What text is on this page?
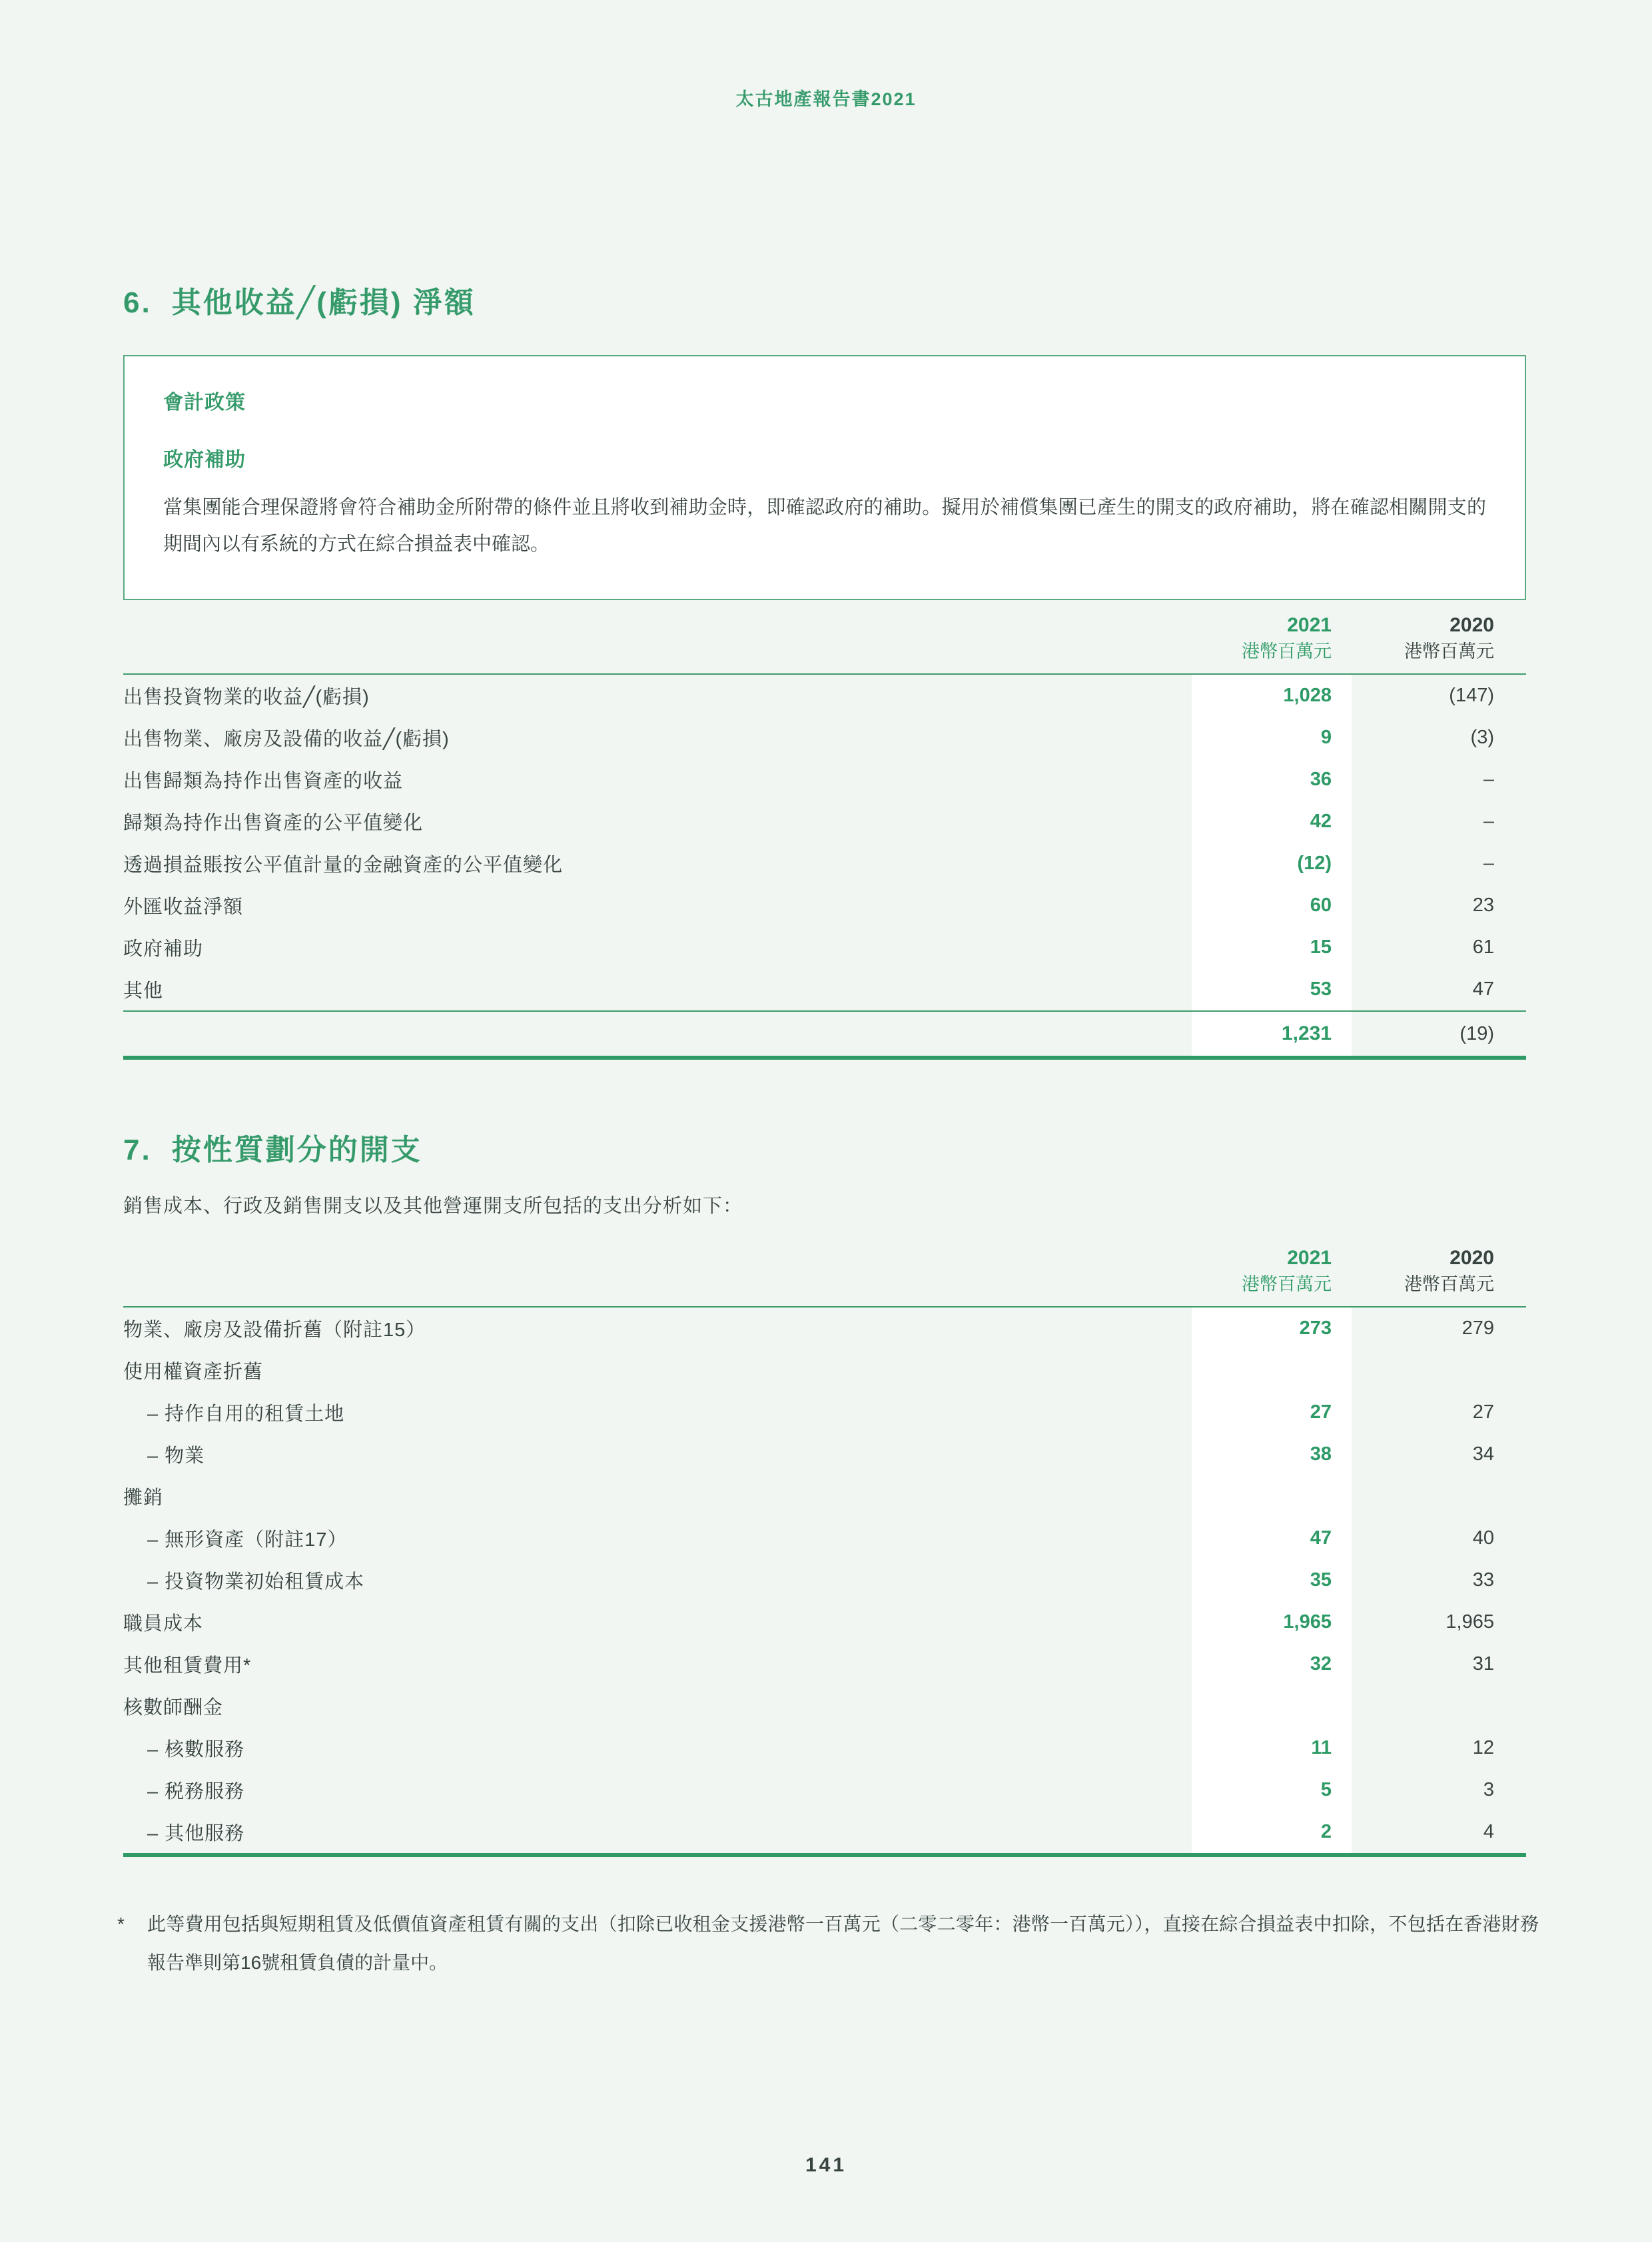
太古地產報告書2021
6. 其他收益╱(虧損) 淨額
會計政策
政府補助

當集團能合理保證將會符合補助金所附帶的條件並且將收到補助金時，即確認政府的補助。擬用於補償集團已產生的開支的政府補助，將在確認相關開支的期間內以有系統的方式在綜合損益表中確認。

2021
港幣百萬元
2020
港幣百萬元
出售投資物業的收益╱(虧損)	1,028	(147)
出售物業、廠房及設備的收益╱(虧損)	9	(3)
出售歸類為持作出售資產的收益	36	–
歸類為持作出售資產的公平值變化	42	–
透過損益賬按公平值計量的金融資產的公平值變化	(12)	–
外匯收益淨額	60	23
政府補助	15	61
其他	53	47
1,231	(19)
7. 按性質劃分的開支
銷售成本、行政及銷售開支以及其他營運開支所包括的支出分析如下：
2021
港幣百萬元
2020
港幣百萬元
物業、廠房及設備折舊（附註15）	273	279
使用權資產折舊
– 持作自用的租賃土地	27	27
– 物業	38	34
攤銷
– 無形資產（附註17）	47	40
– 投資物業初始租賃成本	35	33
職員成本	1,965	1,965
其他租賃費用*	32	31
核數師酬金
– 核數服務	11	12
– 税務服務	5	3
– 其他服務	2	4
*	此等費用包括與短期租賃及低價值資產租賃有關的支出（扣除已收租金支援港幣一百萬元（二零二零年：港幣一百萬元）），直接在綜合損益表中扣除，不包括在香港財務報告準則第16號租賃負債的計量中。
141
